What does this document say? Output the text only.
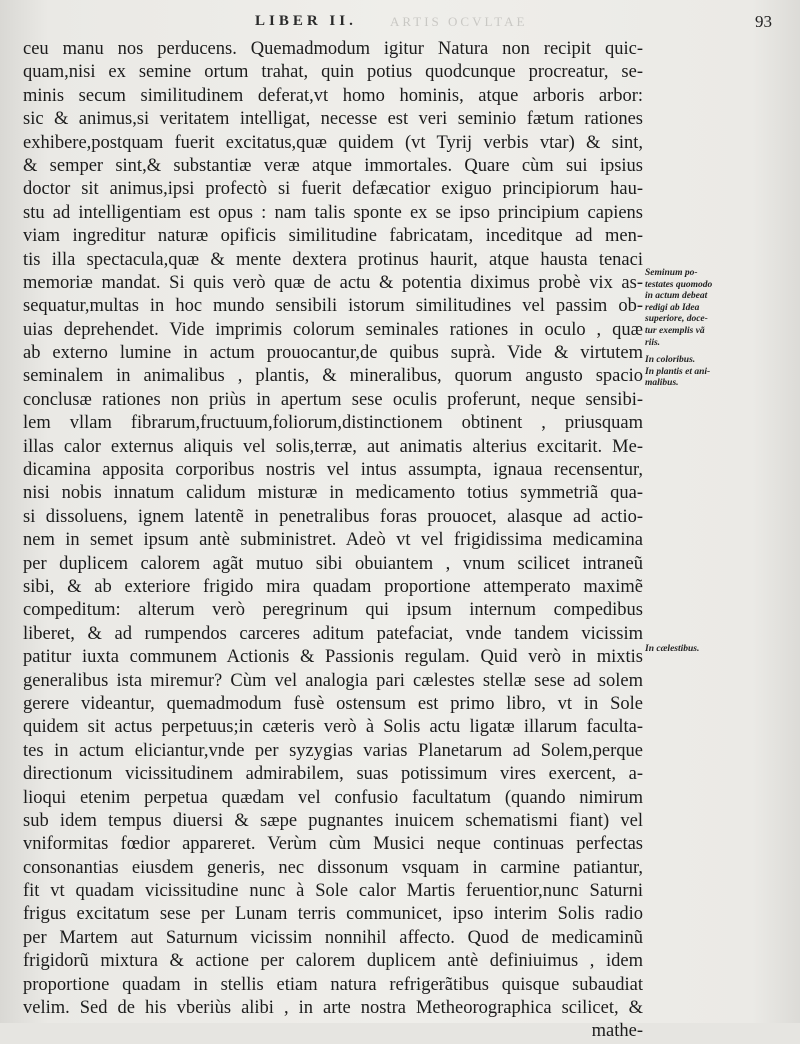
ARTIS OCVLTAE
LIBER II.	93
ceu manu nos perducens. Quemadmodum igitur Natura non recipit quic-
quam,nisi ex semine ortum trahat, quin potius quodcunque procreatur, se-
minis secum similitudinem deferat,vt homo hominis, atque arboris arbor:
sic & animus,si veritatem intelligat, necesse est veri seminio fætum rationes
exhibere,postquam fuerit excitatus,quæ quidem (vt Tyrij verbis vtar) & sint,
& semper sint,& substantiæ veræ atque immortales. Quare cùm sui ipsius
doctor sit animus,ipsi profectò si fuerit defæcatior exiguo principiorum hau-
stu ad intelligentiam est opus : nam talis sponte ex se ipso principium capiens
viam ingreditur naturæ opificis similitudine fabricatam, inceditque ad men-
tis illa spectacula,quæ & mente dextera protinus haurit, atque hausta tenaci
memoriæ mandat. Si quis verò quæ de actu & potentia diximus probè vix as-
sequatur,multas in hoc mundo sensibili istorum similitudines vel passim ob-
uias deprehendet. Vide imprimis colorum seminales rationes in oculo , quæ
ab externo lumine in actum prouocantur,de quibus suprà. Vide & virtutem
seminalem in animalibus , plantis, & mineralibus, quorum angusto spacio
conclusæ rationes non priùs in apertum sese oculis proferunt, neque sensibi-
lem vllam fibrarum,fructuum,foliorum,distinctionem obtinent , priusquam
illas calor externus aliquis vel solis,terræ, aut animatis alterius excitarit. Me-
dicamina apposita corporibus nostris vel intus assumpta, ignaua recensentur,
nisi nobis innatum calidum misturæ in medicamento totius symmetriã qua-
si dissoluens, ignem latentẽ in penetralibus foras prouocet, alasque ad actio-
nem in semet ipsum antè subministret. Adeò vt vel frigidissima medicamina
per duplicem calorem agãt mutuo sibi obuiantem , vnum scilicet intraneũ
sibi, & ab exteriore frigido mira quadam proportione attemperato maximẽ
compeditum: alterum verò peregrinum qui ipsum internum compedibus
liberet, & ad rumpendos carceres aditum patefaciat, vnde tandem vicissim
patitur iuxta communem Actionis & Passionis regulam. Quid verò in mixtis
generalibus ista miremur? Cùm vel analogia pari cælestes stellæ sese ad solem
gerere videantur, quemadmodum fusè ostensum est primo libro, vt in Sole
quidem sit actus perpetuus;in cæteris verò à Solis actu ligatæ illarum faculta-
tes in actum eliciantur,vnde per syzygias varias Planetarum ad Solem,perque
directionum vicissitudinem admirabilem, suas potissimum vires exercent, a-
lioqui etenim perpetua quædam vel confusio facultatum (quando nimirum
sub idem tempus diuersi & sæpe pugnantes inuicem schematismi fiant) vel
vniformitas fœdior appareret. Verùm cùm Musici neque continuas perfectas
consonantias eiusdem generis, nec dissonum vsquam in carmine patiantur,
fit vt quadam vicissitudine nunc à Sole calor Martis feruentior,nunc Saturni
frigus excitatum sese per Lunam terris communicet, ipso interim Solis radio
per Martem aut Saturnum vicissim nonnihil affecto. Quod de medicaminũ
frigidorũ mixtura & actione per calorem duplicem antè definiuimus , idem
proportione quadam in stellis etiam natura refrigerãtibus quisque subaudiat
velim. Sed de his vberiùs alibi , in arte nostra Metheorographica scilicet, &
mathe-
Seminum po-
testates quomodo
in actum debeat
redigi ab Idea
superiore, doce-
tur exemplis vã
riis.
In coloribus.
In plantis et ani-
malibus.
In cælestibus.
